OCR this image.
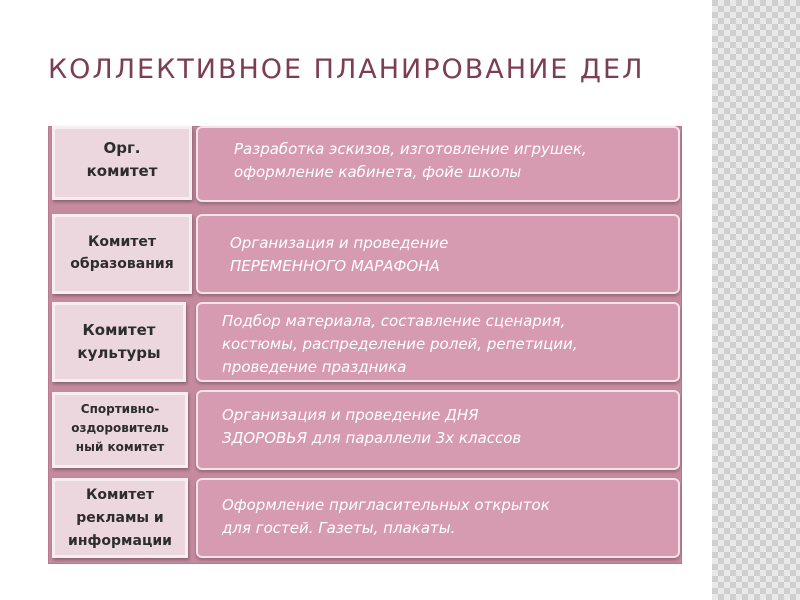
КОЛЛЕКТИВНОЕ ПЛАНИРОВАНИЕ ДЕЛ
Разработка эскизов, изготовление игрушек,
оформление кабинета, фойе школы
Орг.
комитет
Организация и проведение
ПЕРЕМЕННОГО МАРАФОНА
Комитет
образования
Подбор материала, составление сценария,
костюмы, распределение ролей, репетиции,
проведение праздника
Комитет
культуры
Организация и проведение ДНЯ
ЗДОРОВЬЯ для параллели 3х классов
Спортивно-
оздоровитель
ный комитет
Оформление пригласительных открыток
для гостей. Газеты, плакаты.
Комитет
рекламы и
информации
